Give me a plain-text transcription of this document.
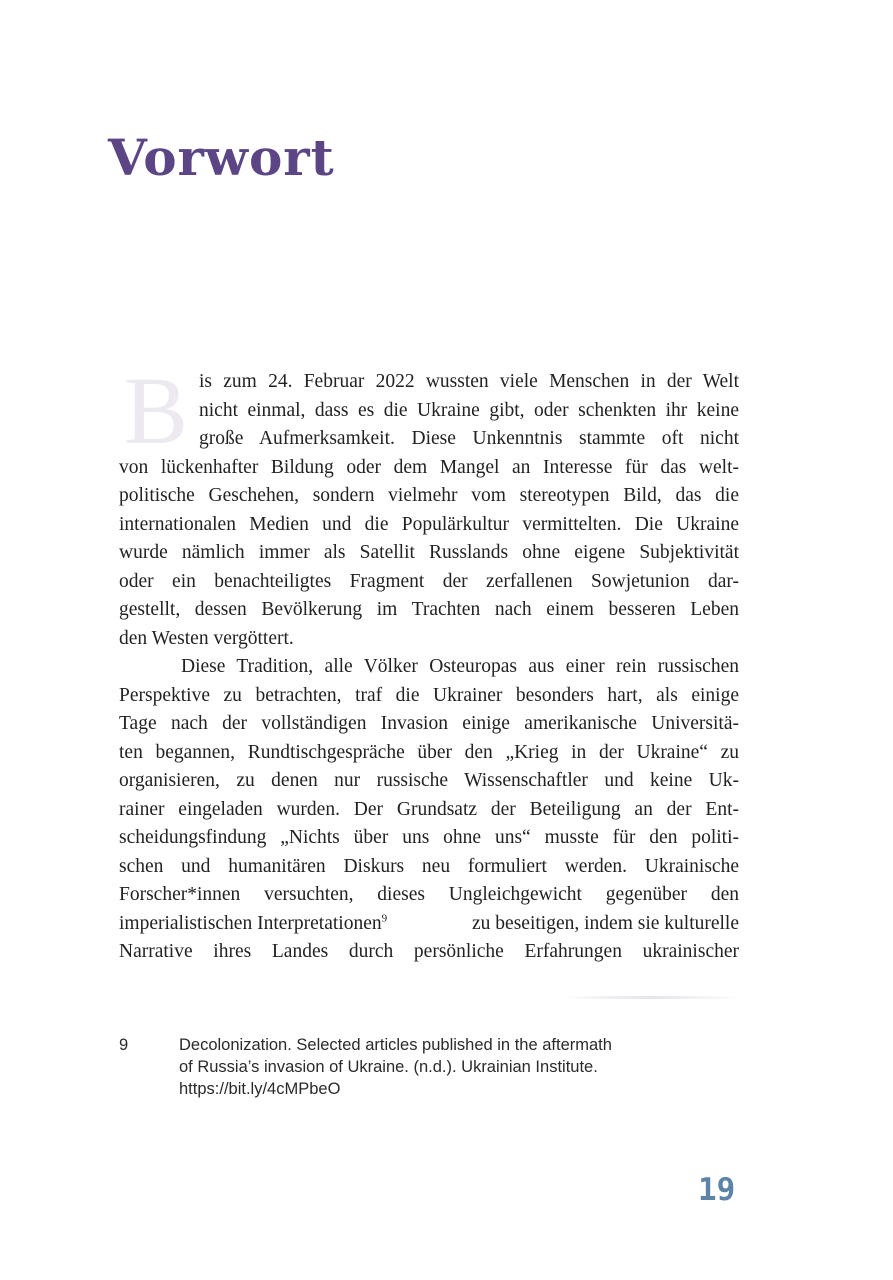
Vorwort
B is zum 24. Februar 2022 wussten viele Menschen in der Welt
nicht einmal, dass es die Ukraine gibt, oder schenkten ihr keine
große Aufmerksamkeit. Diese Unkenntnis stammte oft nicht
von lückenhafter Bildung oder dem Mangel an Interesse für das welt-
politische Geschehen, sondern vielmehr vom stereotypen Bild, das die
internationalen Medien und die Populärkultur vermittelten. Die Ukraine
wurde nämlich immer als Satellit Russlands ohne eigene Subjektivität
oder ein benachteiligtes Fragment der zerfallenen Sowjetunion dar-
gestellt, dessen Bevölkerung im Trachten nach einem besseren Leben
den Westen vergöttert.
Diese Tradition, alle Völker Osteuropas aus einer rein russischen
Perspektive zu betrachten, traf die Ukrainer besonders hart, als einige
Tage nach der vollständigen Invasion einige amerikanische Universitä-
ten begannen, Rundtischgespräche über den „Krieg in der Ukraine“ zu
organisieren, zu denen nur russische Wissenschaftler und keine Uk-
rainer eingeladen wurden. Der Grundsatz der Beteiligung an der Ent-
scheidungsfindung „Nichts über uns ohne uns“ musste für den politi-
schen und humanitären Diskurs neu formuliert werden. Ukrainische
Forscher*innen versuchten, dieses Ungleichgewicht gegenüber den
imperialistischen Interpretationen$^9$	zu beseitigen, indem sie kulturelle
Narrative ihres Landes durch persönliche Erfahrungen ukrainischer
9	Decolonization. Selected articles published in the aftermath
of Russia’s invasion of Ukraine. (n.d.). Ukrainian Institute.
https://bit.ly/4cMPbeO
19
